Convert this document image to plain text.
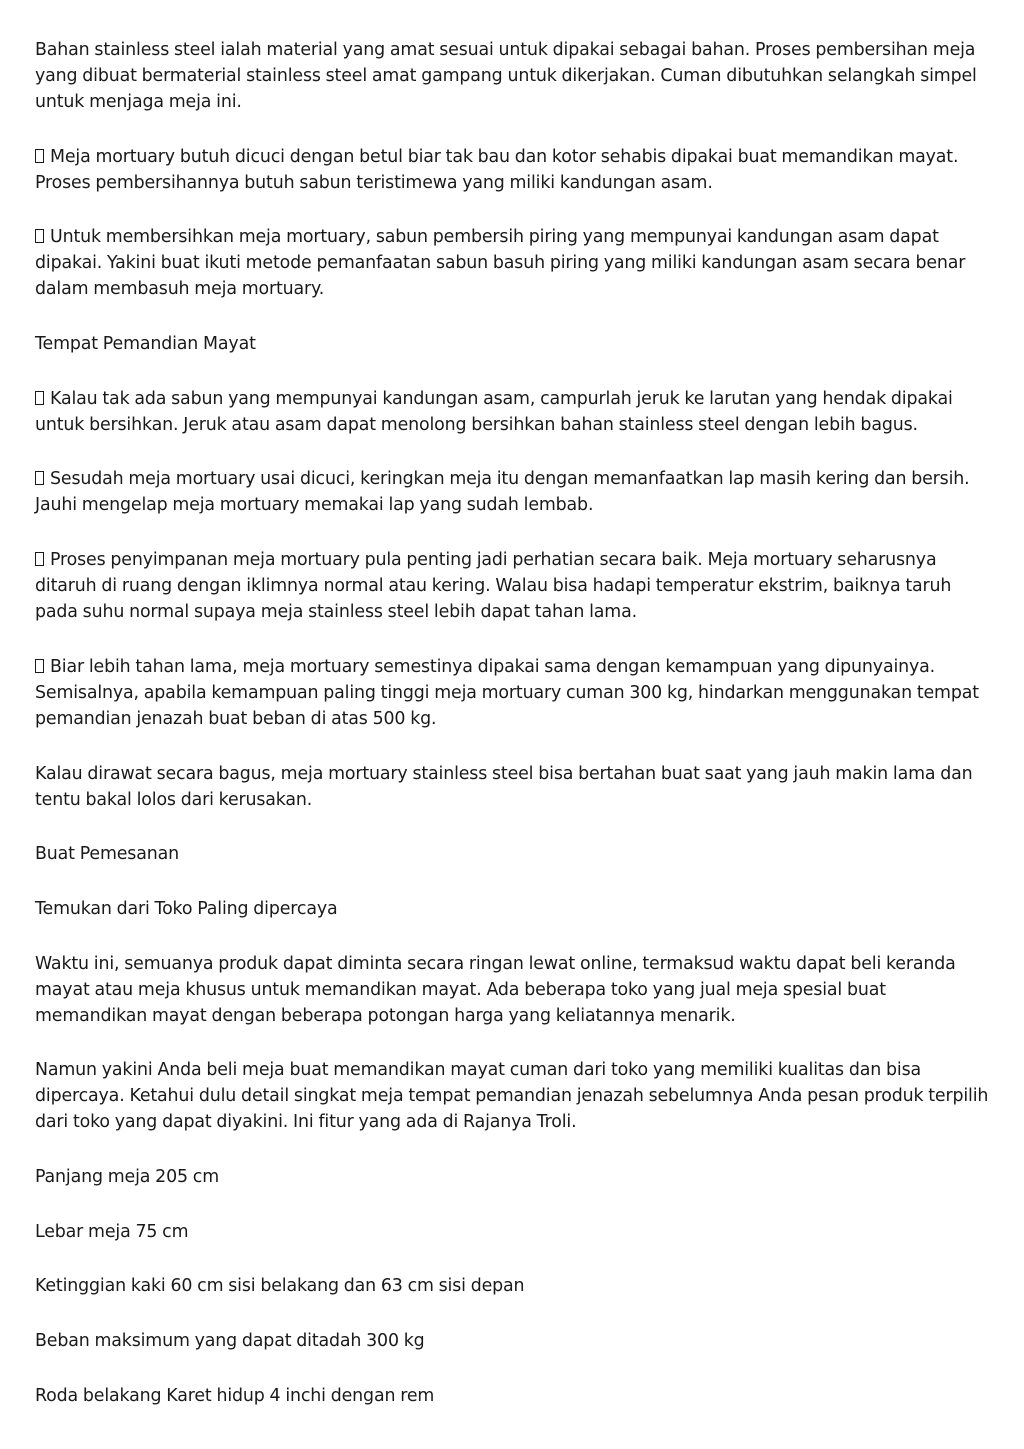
Bahan stainless steel ialah material yang amat sesuai untuk dipakai sebagai bahan. Proses pembersihan meja yang dibuat bermaterial stainless steel amat gampang untuk dikerjakan. Cuman dibutuhkan selangkah simpel untuk menjaga meja ini.

Meja mortuary butuh dicuci dengan betul biar tak bau dan kotor sehabis dipakai buat memandikan mayat. Proses pembersihannya butuh sabun teristimewa yang miliki kandungan asam.

Untuk membersihkan meja mortuary, sabun pembersih piring yang mempunyai kandungan asam dapat dipakai. Yakini buat ikuti metode pemanfaatan sabun basuh piring yang miliki kandungan asam secara benar dalam membasuh meja mortuary.

Tempat Pemandian Mayat

Kalau tak ada sabun yang mempunyai kandungan asam, campurlah jeruk ke larutan yang hendak dipakai untuk bersihkan. Jeruk atau asam dapat menolong bersihkan bahan stainless steel dengan lebih bagus.

Sesudah meja mortuary usai dicuci, keringkan meja itu dengan memanfaatkan lap masih kering dan bersih. Jauhi mengelap meja mortuary memakai lap yang sudah lembab.

Proses penyimpanan meja mortuary pula penting jadi perhatian secara baik. Meja mortuary seharusnya ditaruh di ruang dengan iklimnya normal atau kering. Walau bisa hadapi temperatur ekstrim, baiknya taruh pada suhu normal supaya meja stainless steel lebih dapat tahan lama.

Biar lebih tahan lama, meja mortuary semestinya dipakai sama dengan kemampuan yang dipunyainya. Semisalnya, apabila kemampuan paling tinggi meja mortuary cuman 300 kg, hindarkan menggunakan tempat pemandian jenazah buat beban di atas 500 kg.

Kalau dirawat secara bagus, meja mortuary stainless steel bisa bertahan buat saat yang jauh makin lama dan tentu bakal lolos dari kerusakan.

Buat Pemesanan

Temukan dari Toko Paling dipercaya

Waktu ini, semuanya produk dapat diminta secara ringan lewat online, termaksud waktu dapat beli keranda mayat atau meja khusus untuk memandikan mayat. Ada beberapa toko yang jual meja spesial buat memandikan mayat dengan beberapa potongan harga yang keliatannya menarik.

Namun yakini Anda beli meja buat memandikan mayat cuman dari toko yang memiliki kualitas dan bisa dipercaya. Ketahui dulu detail singkat meja tempat pemandian jenazah sebelumnya Anda pesan produk terpilih dari toko yang dapat diyakini. Ini fitur yang ada di Rajanya Troli.

Panjang meja 205 cm

Lebar meja 75 cm

Ketinggian kaki 60 cm sisi belakang dan 63 cm sisi depan

Beban maksimum yang dapat ditadah 300 kg

Roda belakang Karet hidup 4 inchi dengan rem
